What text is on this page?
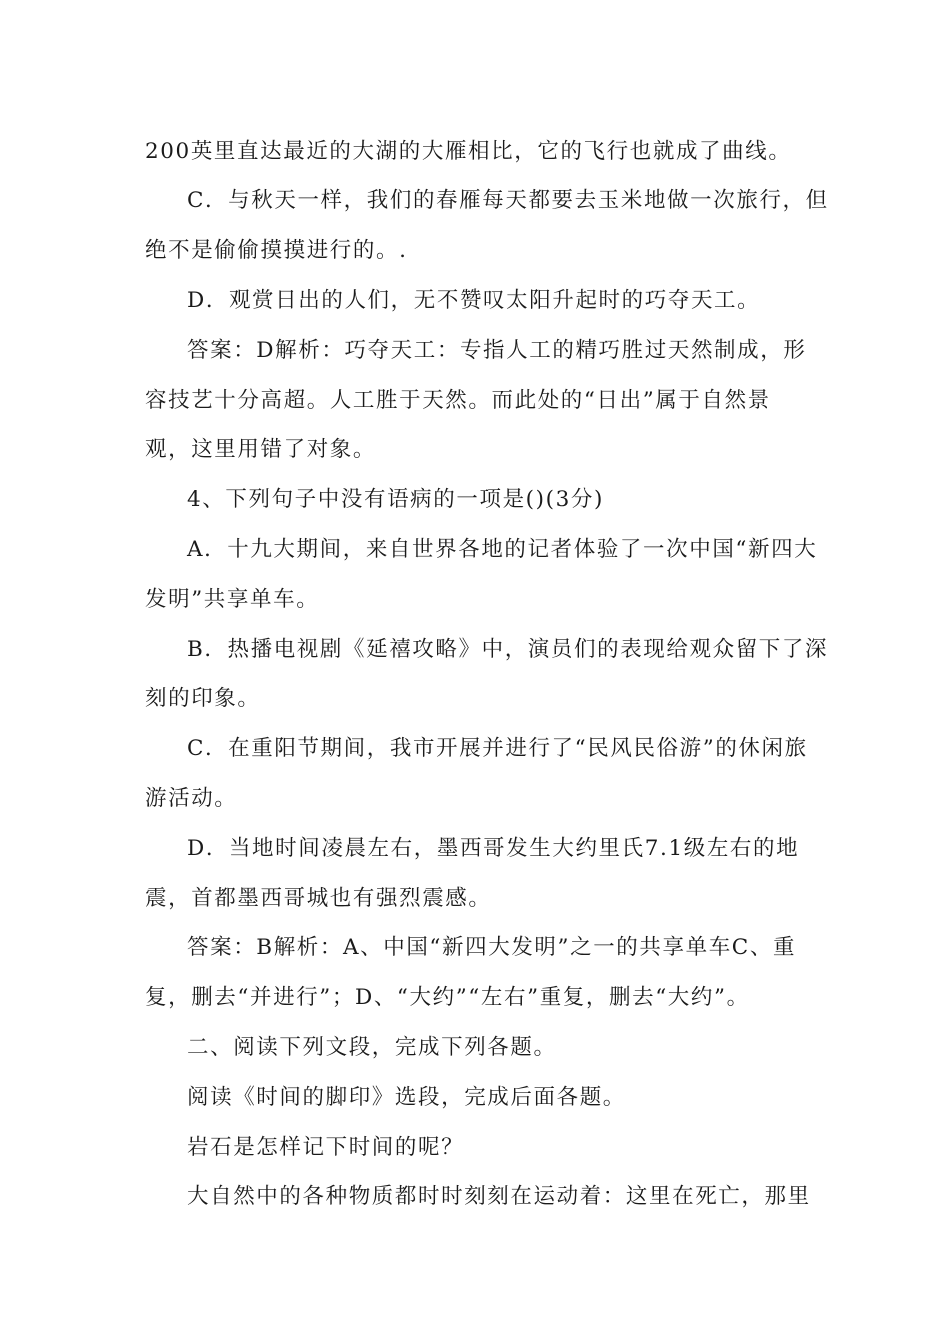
200英里直达最近的大湖的大雁相比，它的飞行也就成了曲线。
C．与秋天一样，我们的春雁每天都要去玉米地做一次旅行，但
绝不是偷偷摸摸进行的。.
D．观赏日出的人们，无不赞叹太阳升起时的巧夺天工。
答案：D解析：巧夺天工：专指人工的精巧胜过天然制成，形
容技艺十分高超。人工胜于天然。而此处的“日出”属于自然景
观，这里用错了对象。
4、下列句子中没有语病的一项是()(3分)
A．十九大期间，来自世界各地的记者体验了一次中国“新四大
发明”共享单车。
B．热播电视剧《延禧攻略》中，演员们的表现给观众留下了深
刻的印象。
C．在重阳节期间，我市开展并进行了“民风民俗游”的休闲旅
游活动。
D．当地时间凌晨左右，墨西哥发生大约里氏7.1级左右的地
震，首都墨西哥城也有强烈震感。
答案：B解析：A、中国“新四大发明”之一的共享单车C、重
复，删去“并进行”；D、“大约”“左右”重复，删去“大约”。
二、阅读下列文段，完成下列各题。
阅读《时间的脚印》选段，完成后面各题。
岩石是怎样记下时间的呢？
大自然中的各种物质都时时刻刻在运动着：这里在死亡，那里
